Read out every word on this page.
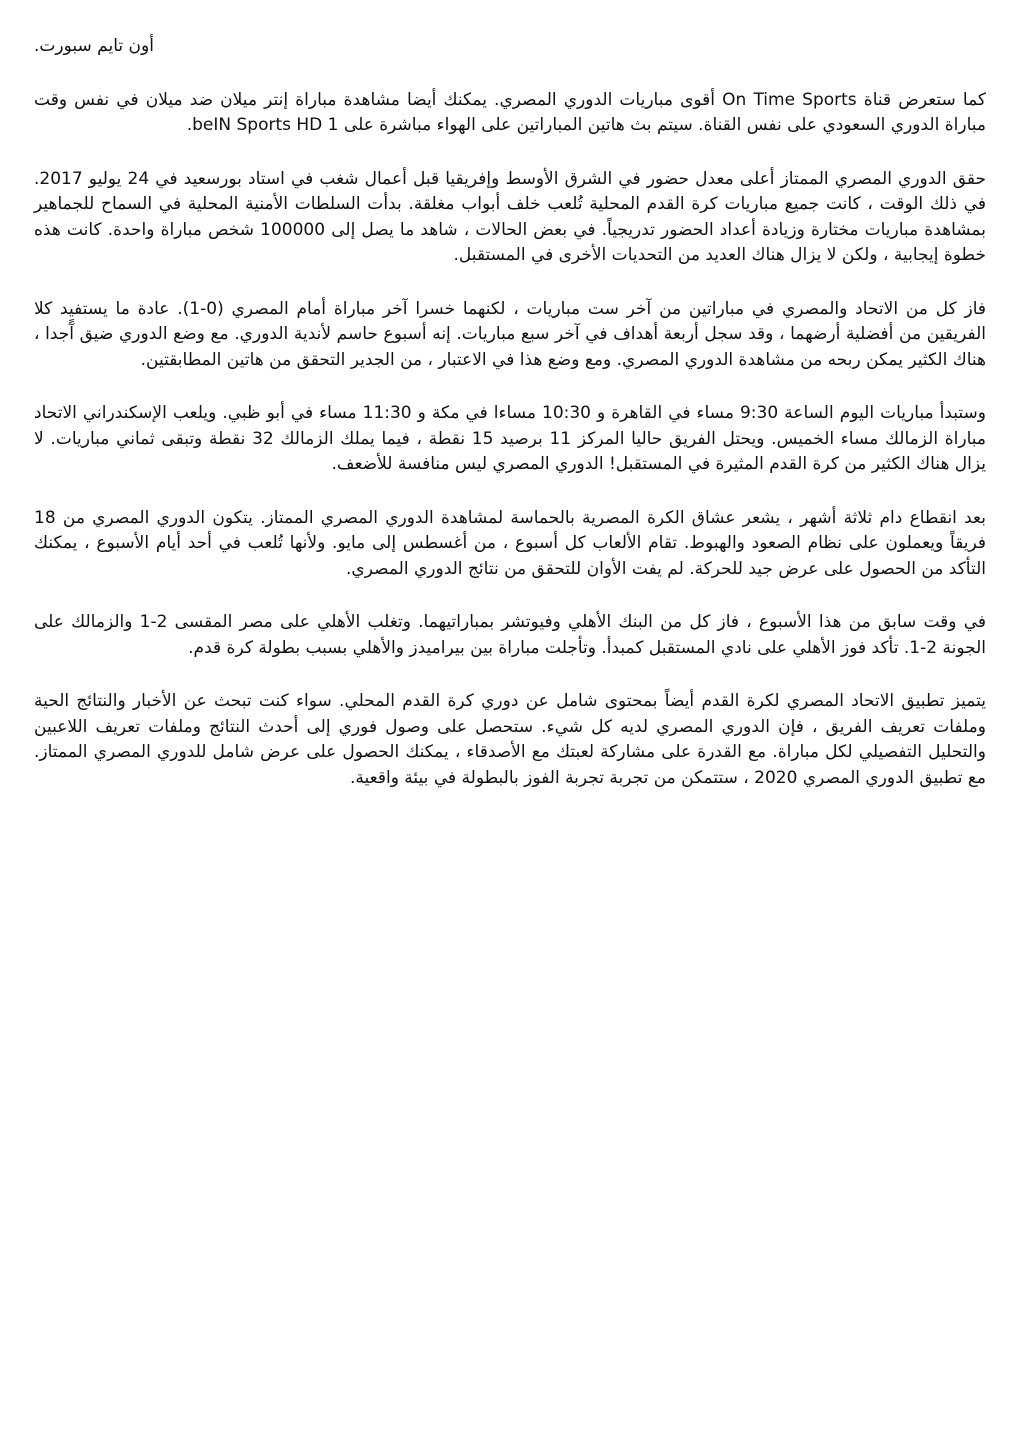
أون تايم سبورت.

كما ستعرض قناة On Time Sports أقوى مباريات الدوري المصري. يمكنك أيضا مشاهدة مباراة إنتر ميلان ضد ميلان في نفس وقت مباراة الدوري السعودي على نفس القناة. سيتم بث هاتين المباراتين على الهواء مباشرة على beIN Sports HD 1.

حقق الدوري المصري الممتاز أعلى معدل حضور في الشرق الأوسط وإفريقيا قبل أعمال شغب في استاد بورسعيد في 24 يوليو 2017. في ذلك الوقت ، كانت جميع مباريات كرة القدم المحلية تُلعب خلف أبواب مغلقة. بدأت السلطات الأمنية المحلية في السماح للجماهير بمشاهدة مباريات مختارة وزيادة أعداد الحضور تدريجياً. في بعض الحالات ، شاهد ما يصل إلى 100000 شخص مباراة واحدة. كانت هذه خطوة إيجابية ، ولكن لا يزال هناك العديد من التحديات الأخرى في المستقبل.

فاز كل من الاتحاد والمصري في مباراتين من آخر ست مباريات ، لكنهما خسرا آخر مباراة أمام المصري (0-1). عادة ما يستفيد كلا الفريقين من أفضلية أرضهما ، وقد سجل أربعة أهداف في آخر سبع مباريات. إنه أسبوع حاسم لأندية الدوري. مع وضع الدوري ضيق آًجدا ، هناك الكثير يمكن ربحه من مشاهدة الدوري المصري. ومع وضع هذا في الاعتبار ، من الجدير التحقق من هاتين المطابقتين.

وستبدأ مباريات اليوم الساعة 9:30 مساء في القاهرة و 10:30 مساءا في مكة و 11:30 مساء في أبو ظبي. ويلعب الإسكندراني الاتحاد مباراة الزمالك مساء الخميس. ويحتل الفريق حاليا المركز 11 برصيد 15 نقطة ، فيما يملك الزمالك 32 نقطة وتبقى ثماني مباريات. لا يزال هناك الكثير من كرة القدم المثيرة في المستقبل! الدوري المصري ليس منافسة للأضعف.

بعد انقطاع دام ثلاثة أشهر ، يشعر عشاق الكرة المصرية بالحماسة لمشاهدة الدوري المصري الممتاز. يتكون الدوري المصري من 18 فريقاً ويعملون على نظام الصعود والهبوط. تقام الألعاب كل أسبوع ، من أغسطس إلى مايو. ولأنها تُلعب في أحد أيام الأسبوع ، يمكنك التأكد من الحصول على عرض جيد للحركة. لم يفت الأوان للتحقق من نتائج الدوري المصري.

في وقت سابق من هذا الأسبوع ، فاز كل من البنك الأهلي وفيوتشر بمباراتيهما. وتغلب الأهلي على مصر المقسى 2-1 والزمالك على الجونة 2-1. تأكد فوز الأهلي على نادي المستقبل كمبدأ. وتأجلت مباراة بين بيراميدز والأهلي بسبب بطولة كرة قدم.

يتميز تطبيق الاتحاد المصري لكرة القدم أيضاً بمحتوى شامل عن دوري كرة القدم المحلي. سواء كنت تبحث عن الأخبار والنتائج الحية وملفات تعريف الفريق ، فإن الدوري المصري لديه كل شيء. ستحصل على وصول فوري إلى أحدث النتائج وملفات تعريف اللاعبين والتحليل التفصيلي لكل مباراة. مع القدرة على مشاركة لعبتك مع الأصدقاء ، يمكنك الحصول على عرض شامل للدوري المصري الممتاز. مع تطبيق الدوري المصري 2020 ، ستتمكن من تجربة تجربة الفوز بالبطولة في بيئة واقعية.
